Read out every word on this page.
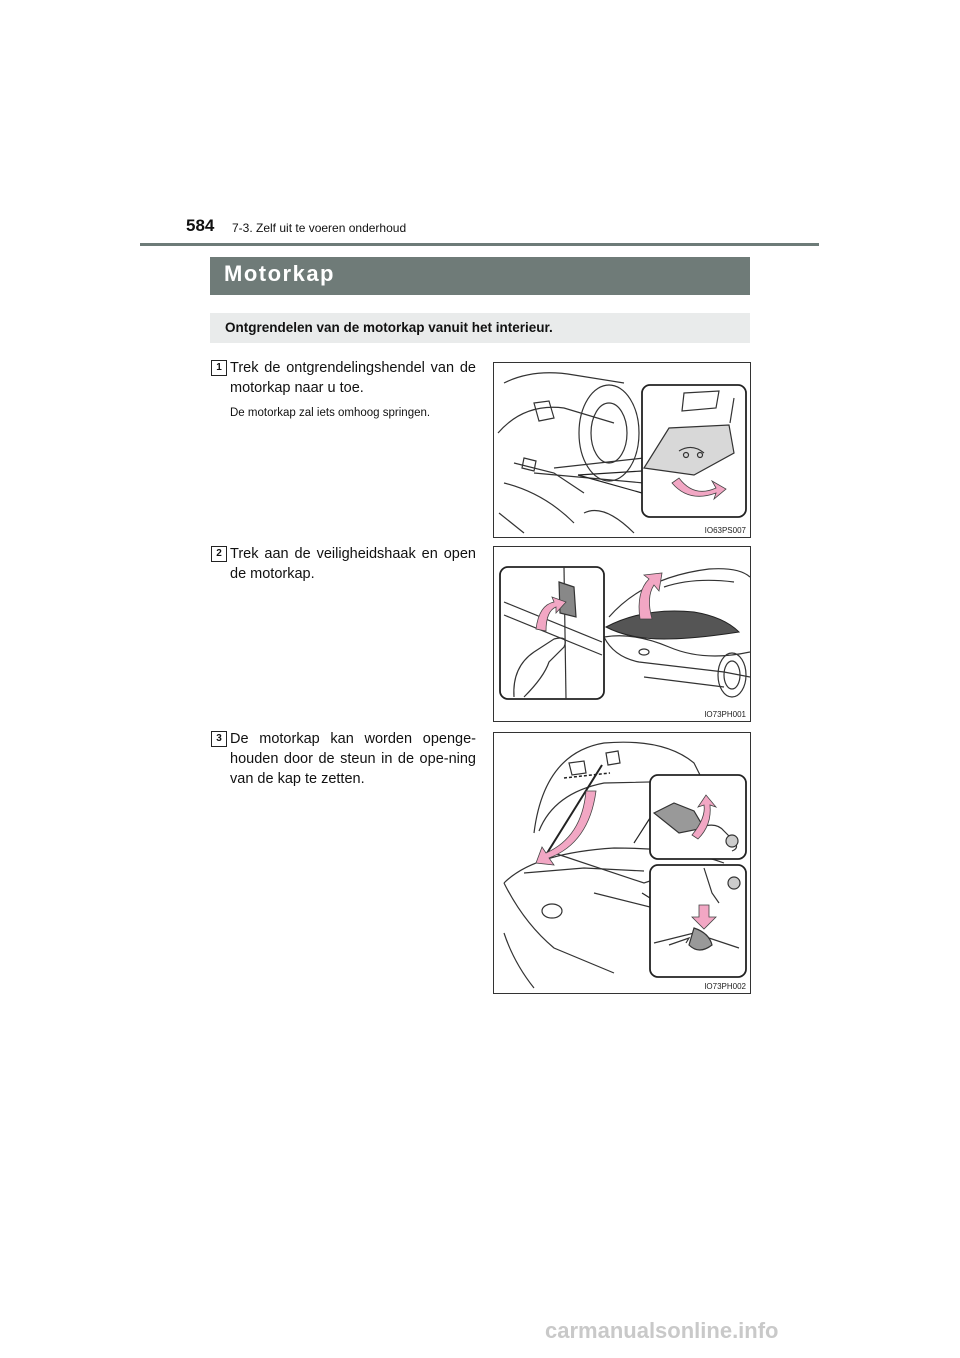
584 7-3. Zelf uit te voeren onderhoud
Motorkap
Ontgrendelen van de motorkap vanuit het interieur.
1 Trek de ontgrendelingshendel van de motorkap naar u toe.
De motorkap zal iets omhoog springen.
IO63PS007
2 Trek aan de veiligheidshaak en open de motorkap.
IO73PH001
3 De motorkap kan worden openge-houden door de steun in de ope-ning van de kap te zetten.
IO73PH002
carmanualsonline.info
